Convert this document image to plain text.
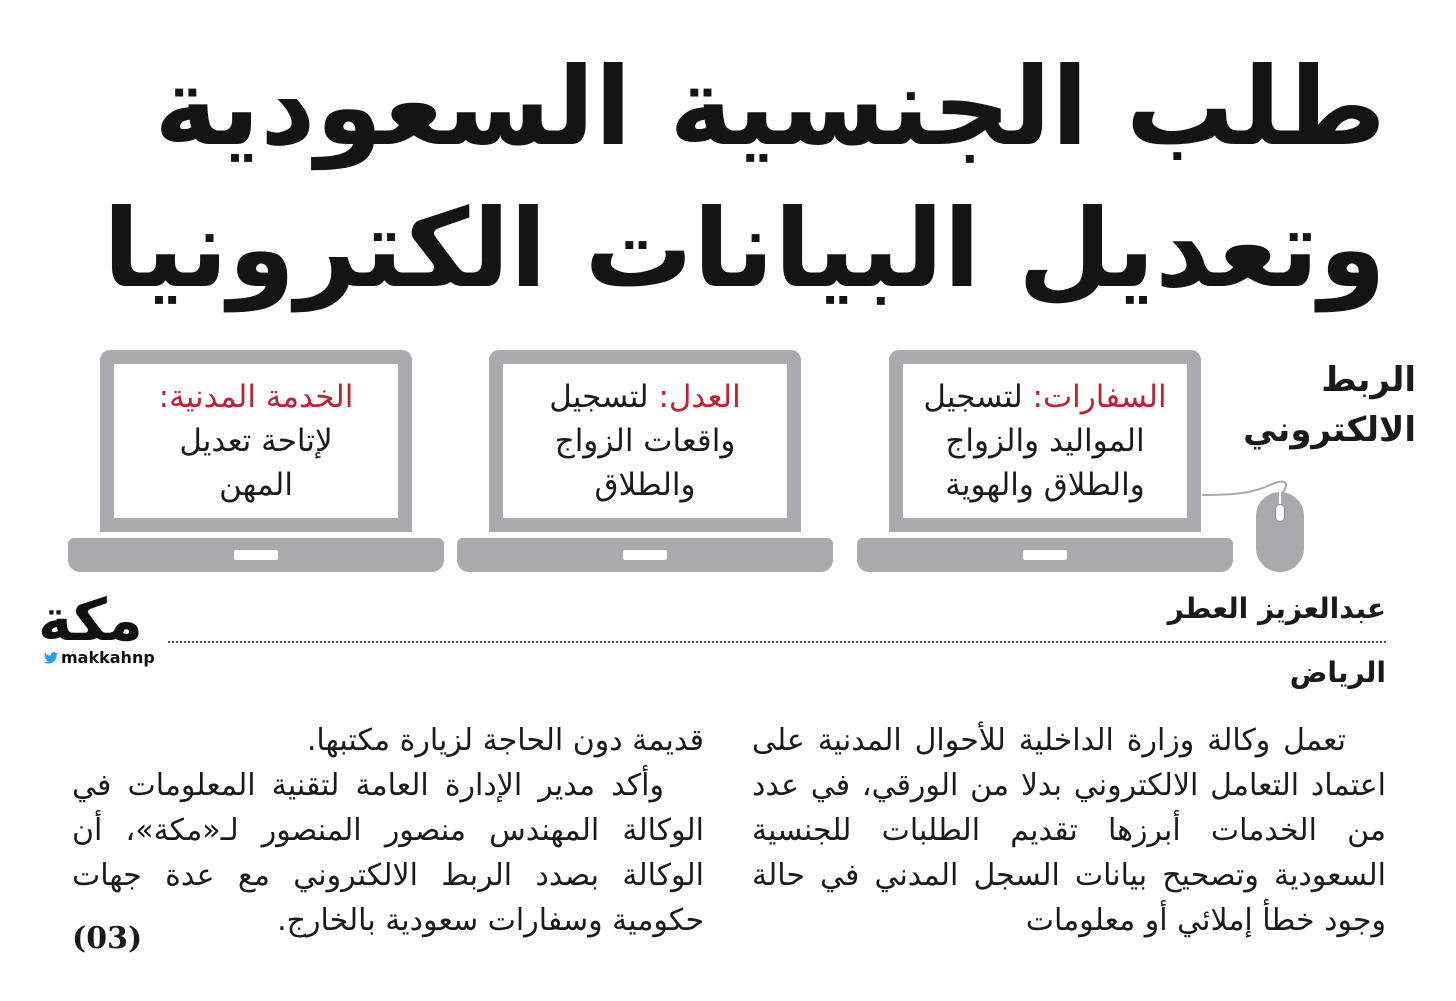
طلب الجنسية السعودية
وتعديل البيانات الكترونيا
الربط
الالكتروني
السفارات: لتسجيل المواليد والزواج والطلاق والهوية
العدل: لتسجيل واقعات الزواج والطلاق
الخدمة المدنية:
لإتاحة تعديل المهن
عبدالعزيز العطر
الرياض
مكة
makkahnp

تعمل وكالة وزارة الداخلية للأحوال المدنية على اعتماد التعامل الالكتروني بدلا من الورقي، في عدد من الخدمات أبرزها تقديم الطلبات للجنسية السعودية وتصحيح بيانات السجل المدني في حالة وجود خطأ إملائي أو معلومات

قديمة دون الحاجة لزيارة مكتبها.

وأكد مدير الإدارة العامة لتقنية المعلومات في الوكالة المهندس منصور المنصور لـ«مكة»، أن الوكالة بصدد الربط الالكتروني مع عدة جهات حكومية وسفارات سعودية بالخارج.

(03)
